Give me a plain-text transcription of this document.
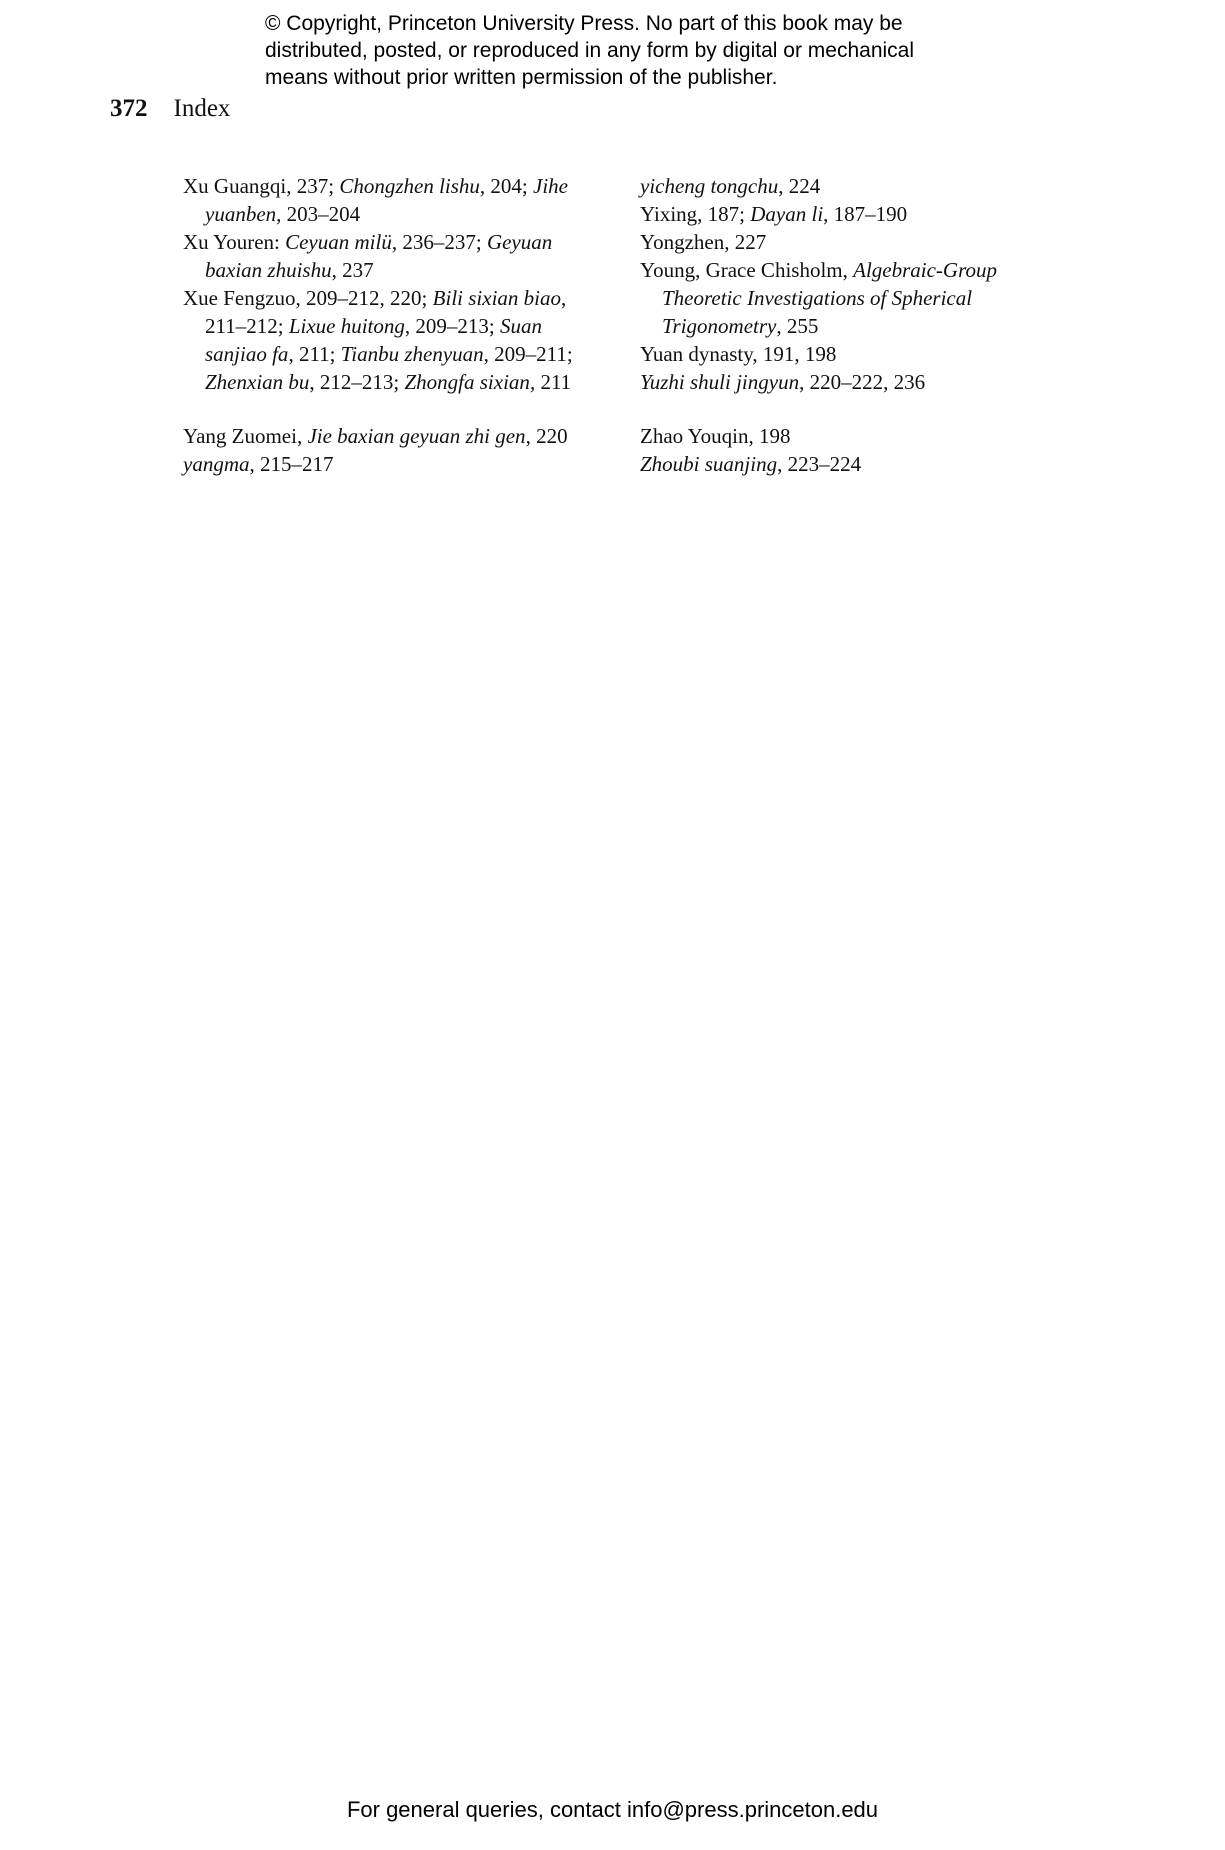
© Copyright, Princeton University Press. No part of this book may be
distributed, posted, or reproduced in any form by digital or mechanical
means without prior written permission of the publisher.
372 Index
Xu Guangqi, 237; Chongzhen lishu, 204; Jihe yuanben, 203–204
Xu Youren: Ceyuan milü, 236–237; Geyuan baxian zhuishu, 237
Xue Fengzuo, 209–212, 220; Bili sixian biao, 211–212; Lixue huitong, 209–213; Suan sanjiao fa, 211; Tianbu zhenyuan, 209–211; Zhenxian bu, 212–213; Zhongfa sixian, 211
Yang Zuomei, Jie baxian geyuan zhi gen, 220
yangma, 215–217
yicheng tongchu, 224
Yixing, 187; Dayan li, 187–190
Yongzhen, 227
Young, Grace Chisholm, Algebraic-Group Theoretic Investigations of Spherical Trigonometry, 255
Yuan dynasty, 191, 198
Yuzhi shuli jingyun, 220–222, 236
Zhao Youqin, 198
Zhoubi suanjing, 223–224
For general queries, contact info@press.princeton.edu
